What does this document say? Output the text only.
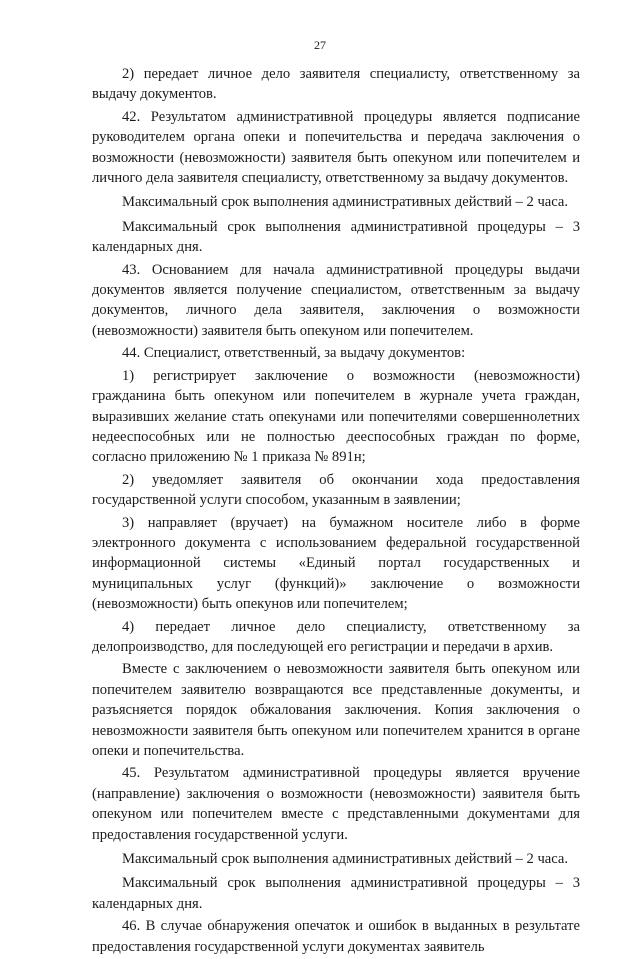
27

2) передает личное дело заявителя специалисту, ответственному за выдачу документов.

42. Результатом административной процедуры является подписание руководителем органа опеки и попечительства и передача заключения о возможности (невозможности) заявителя быть опекуном или попечителем и личного дела заявителя специалисту, ответственному за выдачу документов.

Максимальный срок выполнения административных действий – 2 часа.

Максимальный срок выполнения административной процедуры – 3 календарных дня.

43. Основанием для начала административной процедуры выдачи документов является получение специалистом, ответственным за выдачу документов, личного дела заявителя, заключения о возможности (невозможности) заявителя быть опекуном или попечителем.

44. Специалист, ответственный, за выдачу документов:

1) регистрирует заключение о возможности (невозможности) гражданина быть опекуном или попечителем в журнале учета граждан, выразивших желание стать опекунами или попечителями совершеннолетних недееспособных или не полностью дееспособных граждан по форме, согласно приложению № 1 приказа № 891н;

2) уведомляет заявителя об окончании хода предоставления государственной услуги способом, указанным в заявлении;

3) направляет (вручает) на бумажном носителе либо в форме электронного документа с использованием федеральной государственной информационной системы «Единый портал государственных и муниципальных услуг (функций)» заключение о возможности (невозможности) быть опекунов или попечителем;

4) передает личное дело специалисту, ответственному за делопроизводство, для последующей его регистрации и передачи в архив.

Вместе с заключением о невозможности заявителя быть опекуном или попечителем заявителю возвращаются все представленные документы, и разъясняется порядок обжалования заключения. Копия заключения о невозможности заявителя быть опекуном или попечителем хранится в органе опеки и попечительства.

45. Результатом административной процедуры является вручение (направление) заключения о возможности (невозможности) заявителя быть опекуном или попечителем вместе с представленными документами для предоставления государственной услуги.

Максимальный срок выполнения административных действий – 2 часа.

Максимальный срок выполнения административной процедуры – 3 календарных дня.

46. В случае обнаружения опечаток и ошибок в выданных в результате предоставления государственной услуги документах заявитель
